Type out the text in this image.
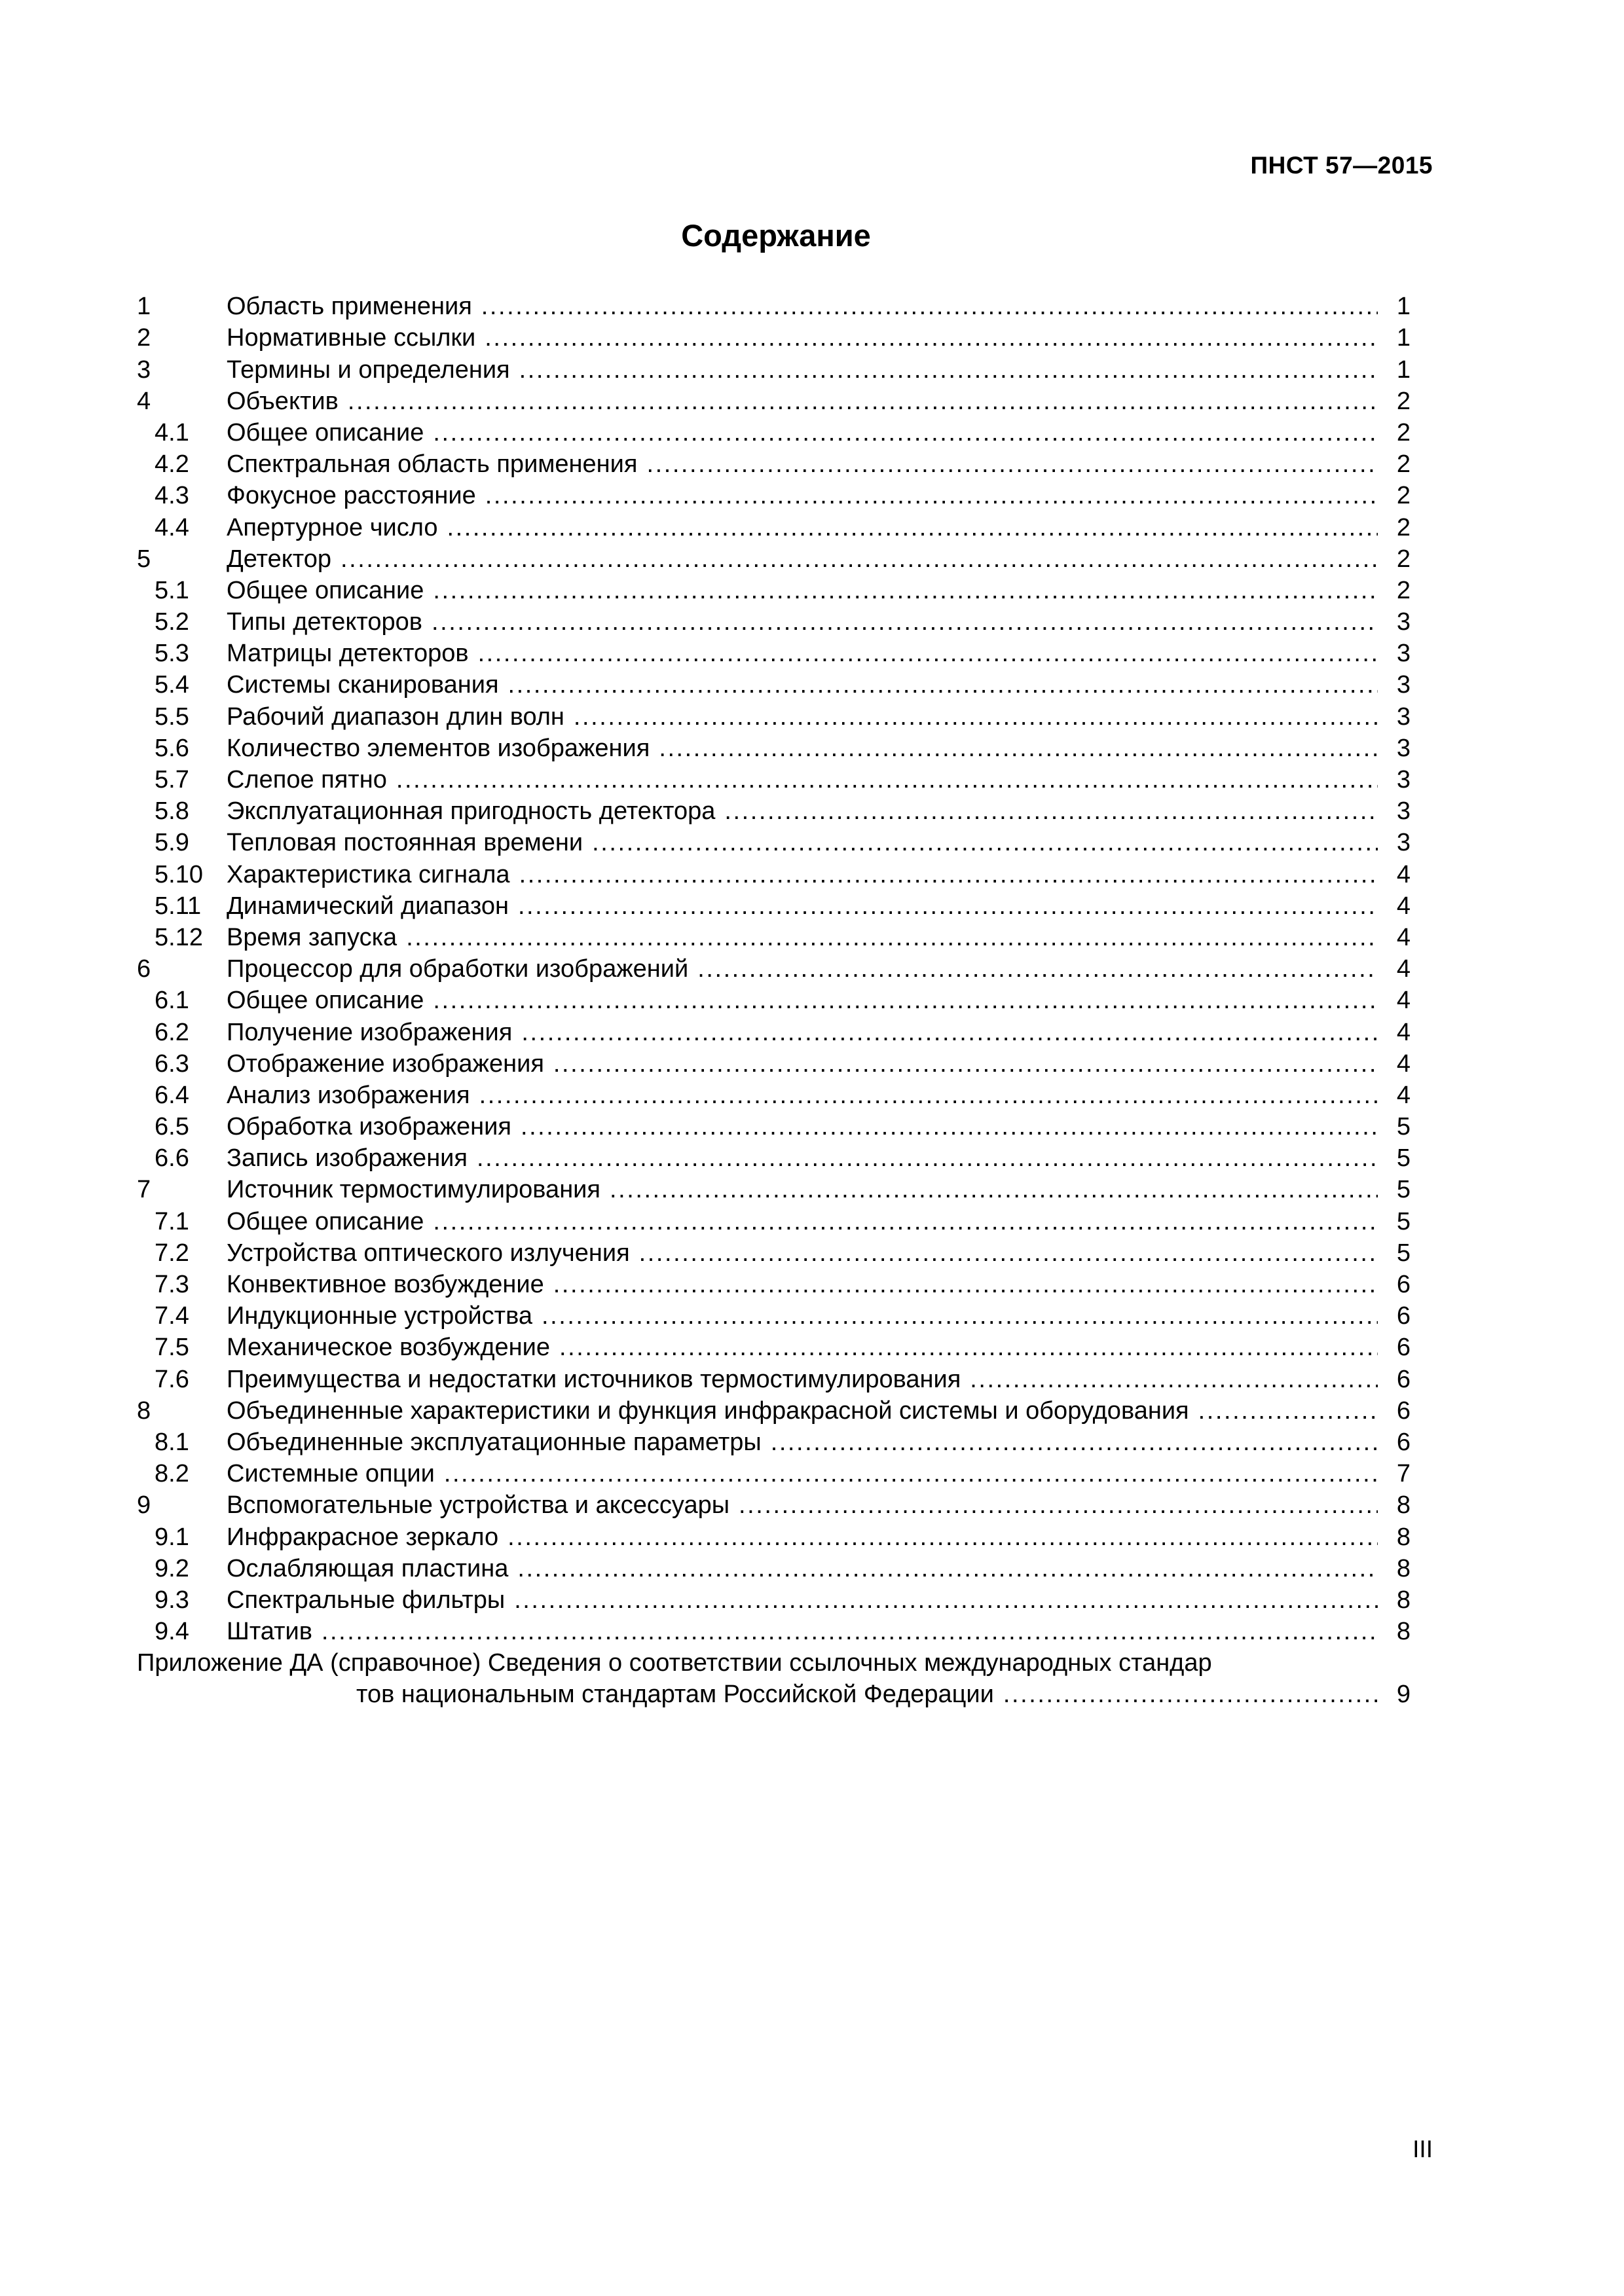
ПНСТ 57—2015
Содержание
1	Область применения . . .	1
2	Нормативные ссылки . . .	1
3	Термины и определения . . .	1
4	Объектив . . .	2
4.1	Общее описание . . .	2
4.2	Спектральная область применения . . .	2
4.3	Фокусное расстояние . . .	2
4.4	Апертурное число . . .	2
5	Детектор . . .	2
5.1	Общее описание . . .	2
5.2	Типы детекторов . . .	3
5.3	Матрицы детекторов . . .	3
5.4	Системы сканирования . . .	3
5.5	Рабочий диапазон длин волн . . .	3
5.6	Количество элементов изображения . . .	3
5.7	Слепое пятно . . .	3
5.8	Эксплуатационная пригодность детектора . . .	3
5.9	Тепловая постоянная времени . . .	3
5.10 Характеристика сигнала . . .	4
5.11	Динамический диапазон . . .	4
5.12 Время запуска . . .	4
6	Процессор для обработки изображений . . .	4
6.1	Общее описание . . .	4
6.2	Получение изображения . . .	4
6.3	Отображение изображения . . .	4
6.4	Анализ изображения . . .	4
6.5	Обработка изображения . . .	5
6.6	Запись изображения . . .	5
7	Источник термостимулирования . . .	5
7.1	Общее описание . . .	5
7.2	Устройства оптического излучения . . .	5
7.3	Конвективное возбуждение . . .	6
7.4	Индукционные устройства . . .	6
7.5	Механическое возбуждение . . .	6
7.6	Преимущества и недостатки источников термостимулирования . . .	6
8	Объединенные характеристики и функция инфракрасной системы и оборудования . . .	6
8.1	Объединенные эксплуатационные параметры . . .	6
8.2	Системные опции . . .	7
9	Вспомогательные устройства и аксессуары . . .	8
9.1	Инфракрасное зеркало . . .	8
9.2	Ослабляющая пластина . . .	8
9.3	Спектральные фильтры . . .	8
9.4	Штатив . . .	8
Приложение ДА (справочное) Сведения о соответствии ссылочных международных стандар
тов национальным стандартам Российской Федерации . . .	9
III
